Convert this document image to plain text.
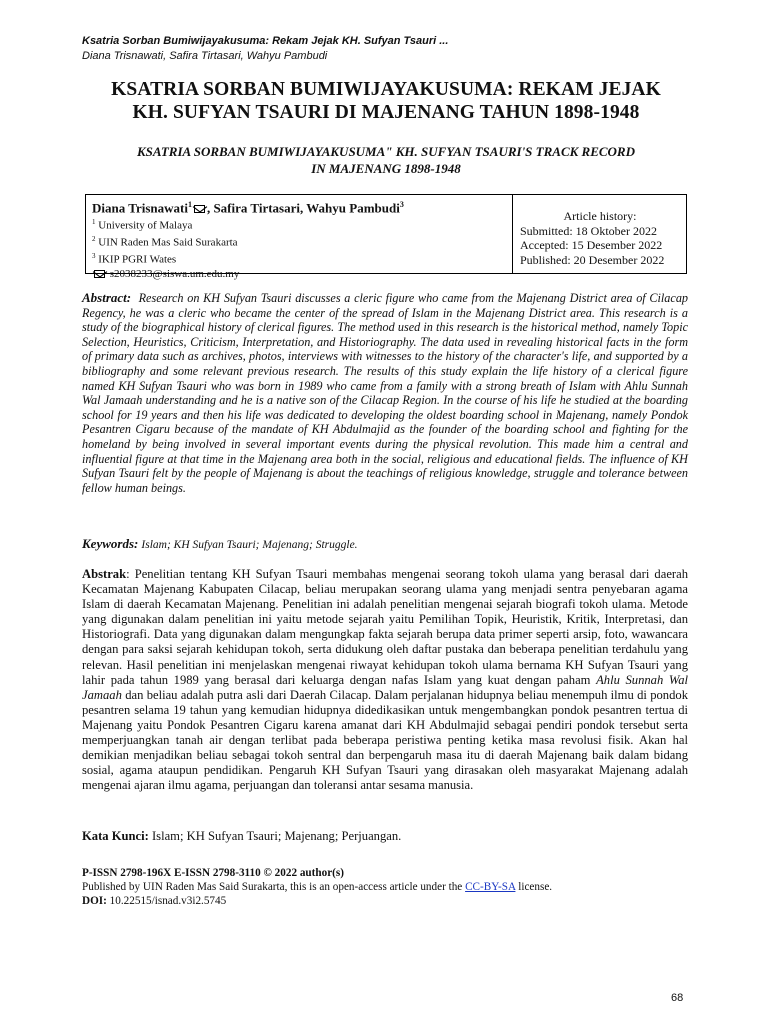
Ksatria Sorban Bumiwijayakusuma: Rekam Jejak KH. Sufyan Tsauri ...
Diana Trisnawati, Safira Tirtasari, Wahyu Pambudi
KSATRIA SORBAN BUMIWIJAYAKUSUMA: REKAM JEJAK
KH. SUFYAN TSAURI DI MAJENANG TAHUN 1898-1948
KSATRIA SORBAN BUMIWIJAYAKUSUMA" KH. SUFYAN TSAURI'S TRACK RECORD
IN MAJENANG 1898-1948
Diana Trisnawati$^1$ , Safira Tirtasari, Wahyu Pambudi$^3$
$^1$ University of Malaya
$^2$ UIN Raden Mas Said Surakarta
$^3$ IKIP PGRI Wates
s2038233@siswa.um.edu.my
Article history:
Submitted: 18 Oktober 2022
Accepted: 15 Desember 2022
Published: 20 Desember 2022
Abstract: Research on KH Sufyan Tsauri discusses a cleric figure who came from the Majenang District area of Cilacap Regency, he was a cleric who became the center of the spread of Islam in the Majenang District area. This research is a study of the biographical history of clerical figures. The method used in this research is the historical method, namely Topic Selection, Heuristics, Criticism, Interpretation, and Historiography. The data used in revealing historical facts in the form of primary data such as archives, photos, interviews with witnesses to the history of the character's life, and supported by a bibliography and some relevant previous research. The results of this study explain the life history of a clerical figure named KH Sufyan Tsauri who was born in 1989 who came from a family with a strong breath of Islam with Ahlu Sunnah Wal Jamaah understanding and he is a native son of the Cilacap Region. In the course of his life he studied at the boarding school for 19 years and then his life was dedicated to developing the oldest boarding school in Majenang, namely Pondok Pesantren Cigaru because of the mandate of KH Abdulmajid as the founder of the boarding school and fighting for the homeland by being involved in several important events during the physical revolution. This made him a central and influential figure at that time in the Majenang area both in the social, religious and educational fields. The influence of KH Sufyan Tsauri felt by the people of Majenang is about the teachings of religious knowledge, struggle and tolerance between fellow human beings.
Keywords: Islam; KH Sufyan Tsauri; Majenang; Struggle.
Abstrak: Penelitian tentang KH Sufyan Tsauri membahas mengenai seorang tokoh ulama yang berasal dari daerah Kecamatan Majenang Kabupaten Cilacap, beliau merupakan seorang ulama yang menjadi sentra penyebaran agama Islam di daerah Kecamatan Majenang. Penelitian ini adalah penelitian mengenai sejarah biografi tokoh ulama. Metode yang digunakan dalam penelitian ini yaitu metode sejarah yaitu Pemilihan Topik, Heuristik, Kritik, Interpretasi, dan Historiografi. Data yang digunakan dalam mengungkap fakta sejarah berupa data primer seperti arsip, foto, wawancara dengan para saksi sejarah kehidupan tokoh, serta didukung oleh daftar pustaka dan beberapa penelitian terdahulu yang relevan. Hasil penelitian ini menjelaskan mengenai riwayat kehidupan tokoh ulama bernama KH Sufyan Tsauri yang lahir pada tahun 1989 yang berasal dari keluarga dengan nafas Islam yang kuat dengan paham Ahlu Sunnah Wal Jamaah dan beliau adalah putra asli dari Daerah Cilacap. Dalam perjalanan hidupnya beliau menempuh ilmu di pondok pesantren selama 19 tahun yang kemudian hidupnya didedikasikan untuk mengembangkan pondok pesantren tertua di Majenang yaitu Pondok Pesantren Cigaru karena amanat dari KH Abdulmajid sebagai pendiri pondok tersebut serta memperjuangkan tanah air dengan terlibat pada beberapa peristiwa penting ketika masa revolusi fisik. Akan hal demikian menjadikan beliau sebagai tokoh sentral dan berpengaruh masa itu di daerah Majenang baik dalam bidang sosial, agama ataupun pendidikan. Pengaruh KH Sufyan Tsauri yang dirasakan oleh masyarakat Majenang adalah mengenai ajaran ilmu agama, perjuangan dan toleransi antar sesama manusia.
Kata Kunci: Islam; KH Sufyan Tsauri; Majenang; Perjuangan.
P-ISSN 2798-196X E-ISSN 2798-3110 © 2022 author(s)
Published by UIN Raden Mas Said Surakarta, this is an open-access article under the CC-BY-SA license.
DOI: 10.22515/isnad.v3i2.5745
68
